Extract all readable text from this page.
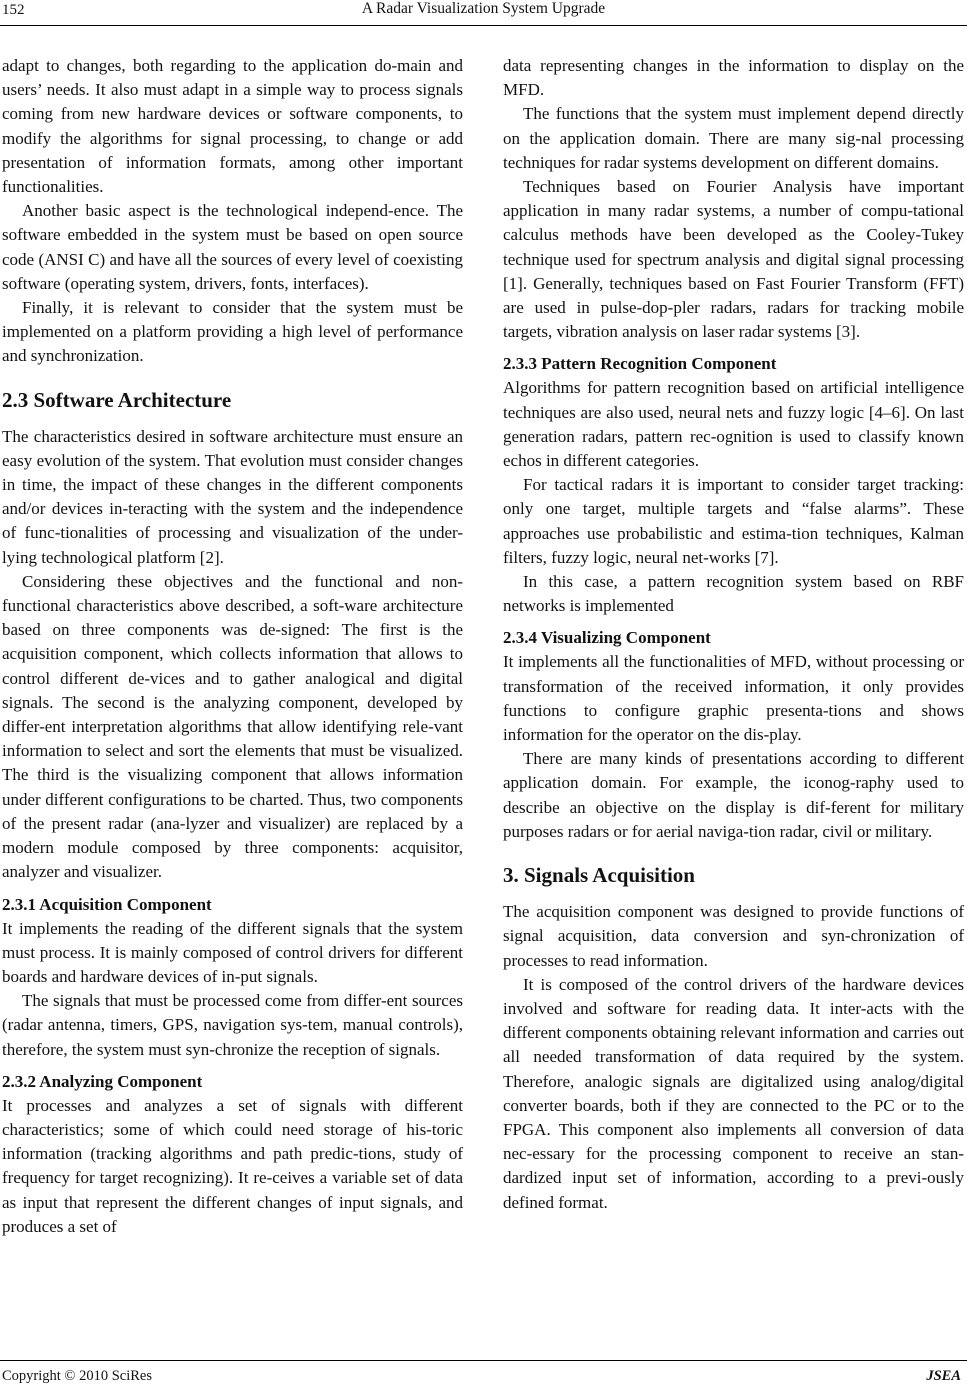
152	A Radar Visualization System Upgrade

adapt to changes, both regarding to the application do-main and users’ needs. It also must adapt in a simple way to process signals coming from new hardware devices or software components, to modify the algorithms for signal processing, to change or add presentation of information formats, among other important functionalities.

Another basic aspect is the technological independ-ence. The software embedded in the system must be based on open source code (ANSI C) and have all the sources of every level of coexisting software (operating system, drivers, fonts, interfaces).

Finally, it is relevant to consider that the system must be implemented on a platform providing a high level of performance and synchronization.

2.3 Software Architecture

The characteristics desired in software architecture must ensure an easy evolution of the system. That evolution must consider changes in time, the impact of these changes in the different components and/or devices in-teracting with the system and the independence of func-tionalities of processing and visualization of the under-lying technological platform [2].

Considering these objectives and the functional and non-functional characteristics above described, a soft-ware architecture based on three components was de-signed: The first is the acquisition component, which collects information that allows to control different de-vices and to gather analogical and digital signals. The second is the analyzing component, developed by differ-ent interpretation algorithms that allow identifying rele-vant information to select and sort the elements that must be visualized. The third is the visualizing component that allows information under different configurations to be charted. Thus, two components of the present radar (ana-lyzer and visualizer) are replaced by a modern module composed by three components: acquisitor, analyzer and visualizer.

2.3.1 Acquisition Component

It implements the reading of the different signals that the system must process. It is mainly composed of control drivers for different boards and hardware devices of in-put signals.

The signals that must be processed come from differ-ent sources (radar antenna, timers, GPS, navigation sys-tem, manual controls), therefore, the system must syn-chronize the reception of signals.

2.3.2 Analyzing Component

It processes and analyzes a set of signals with different characteristics; some of which could need storage of his-toric information (tracking algorithms and path predic-tions, study of frequency for target recognizing). It re-ceives a variable set of data as input that represent the different changes of input signals, and produces a set of

data representing changes in the information to display on the MFD.

The functions that the system must implement depend directly on the application domain. There are many sig-nal processing techniques for radar systems development on different domains.

Techniques based on Fourier Analysis have important application in many radar systems, a number of compu-tational calculus methods have been developed as the Cooley-Tukey technique used for spectrum analysis and digital signal processing [1]. Generally, techniques based on Fast Fourier Transform (FFT) are used in pulse-dop-pler radars, radars for tracking mobile targets, vibration analysis on laser radar systems [3].

2.3.3 Pattern Recognition Component

Algorithms for pattern recognition based on artificial intelligence techniques are also used, neural nets and fuzzy logic [4–6]. On last generation radars, pattern rec-ognition is used to classify known echos in different categories.

For tactical radars it is important to consider target tracking: only one target, multiple targets and “false alarms”. These approaches use probabilistic and estima-tion techniques, Kalman filters, fuzzy logic, neural net-works [7].

In this case, a pattern recognition system based on RBF networks is implemented

2.3.4 Visualizing Component

It implements all the functionalities of MFD, without processing or transformation of the received information, it only provides functions to configure graphic presenta-tions and shows information for the operator on the dis-play.

There are many kinds of presentations according to different application domain. For example, the iconog-raphy used to describe an objective on the display is dif-ferent for military purposes radars or for aerial naviga-tion radar, civil or military.

3. Signals Acquisition

The acquisition component was designed to provide functions of signal acquisition, data conversion and syn-chronization of processes to read information.

It is composed of the control drivers of the hardware devices involved and software for reading data. It inter-acts with the different components obtaining relevant information and carries out all needed transformation of data required by the system. Therefore, analogic signals are digitalized using analog/digital converter boards, both if they are connected to the PC or to the FPGA. This component also implements all conversion of data nec-essary for the processing component to receive an stan-dardized input set of information, according to a previ-ously defined format.

Copyright © 2010 SciRes	JSEA
